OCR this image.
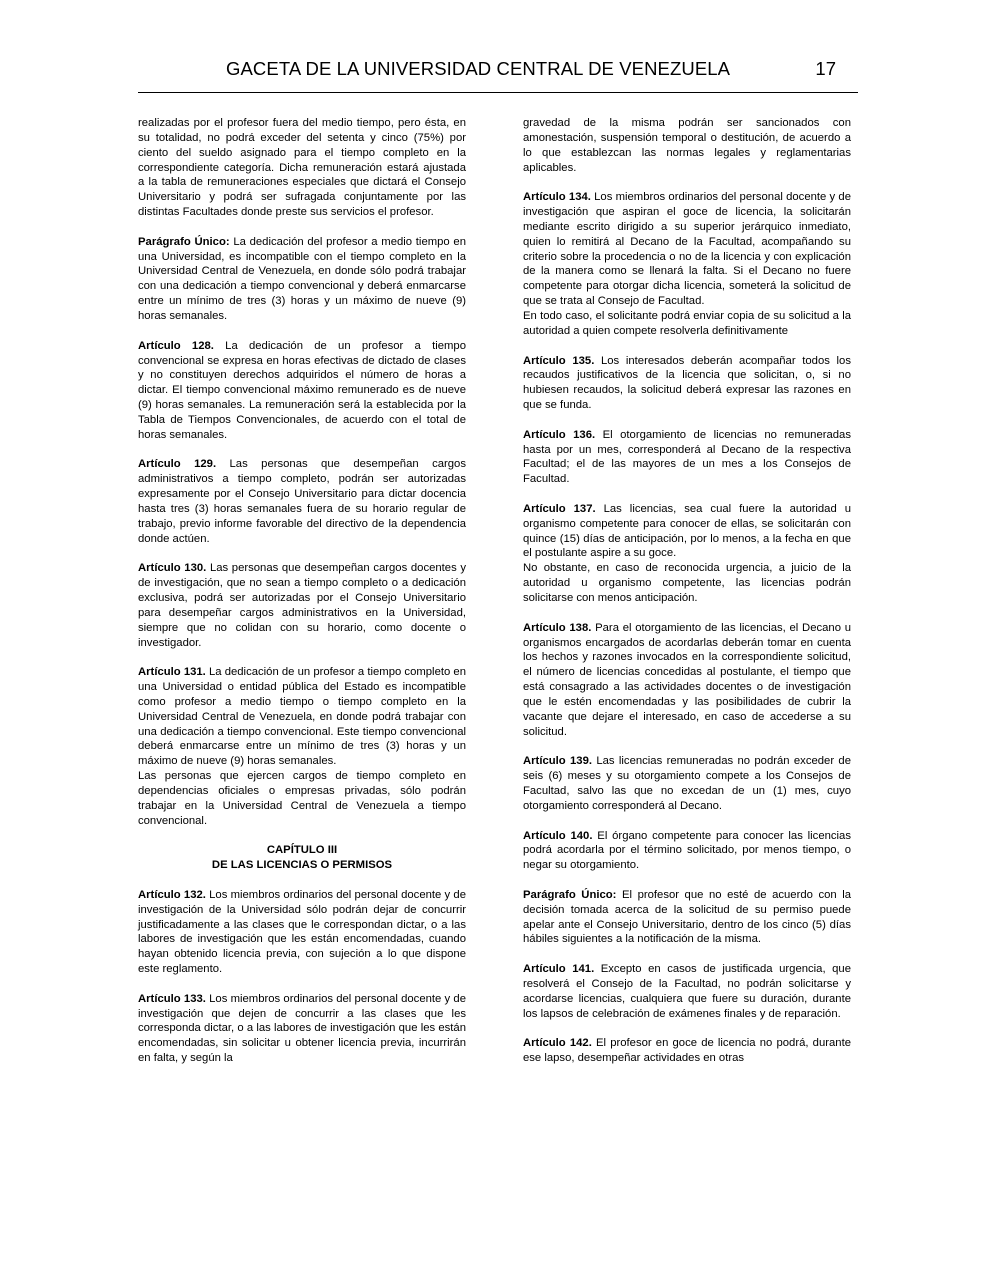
GACETA DE LA UNIVERSIDAD CENTRAL DE VENEZUELA	17

realizadas por el profesor fuera del medio tiempo, pero ésta, en su totalidad, no podrá exceder del setenta y cinco (75%) por ciento del sueldo asignado para el tiempo completo en la correspondiente categoría. Dicha remuneración estará ajustada a la tabla de remuneraciones especiales que dictará el Consejo Universitario y podrá ser sufragada conjuntamente por las distintas Facultades donde preste sus servicios el profesor.

Parágrafo Único: La dedicación del profesor a medio tiempo en una Universidad, es incompatible con el tiempo completo en la Universidad Central de Venezuela, en donde sólo podrá trabajar con una dedicación a tiempo convencional y deberá enmarcarse entre un mínimo de tres (3) horas y un máximo de nueve (9) horas semanales.

Artículo 128. La dedicación de un profesor a tiempo convencional se expresa en horas efectivas de dictado de clases y no constituyen derechos adquiridos el número de horas a dictar. El tiempo convencional máximo remunerado es de nueve (9) horas semanales. La remuneración será la establecida por la Tabla de Tiempos Convencionales, de acuerdo con el total de horas semanales.

Artículo 129. Las personas que desempeñan cargos administrativos a tiempo completo, podrán ser autorizadas expresamente por el Consejo Universitario para dictar docencia hasta tres (3) horas semanales fuera de su horario regular de trabajo, previo informe favorable del directivo de la dependencia donde actúen.

Artículo 130. Las personas que desempeñan cargos docentes y de investigación, que no sean a tiempo completo o a dedicación exclusiva, podrá ser autorizadas por el Consejo Universitario para desempeñar cargos administrativos en la Universidad, siempre que no colidan con su horario, como docente o investigador.

Artículo 131. La dedicación de un profesor a tiempo completo en una Universidad o entidad pública del Estado es incompatible como profesor a medio tiempo o tiempo completo en la Universidad Central de Venezuela, en donde podrá trabajar con una dedicación a tiempo convencional. Este tiempo convencional deberá enmarcarse entre un mínimo de tres (3) horas y un máximo de nueve (9) horas semanales.

Las personas que ejercen cargos de tiempo completo en dependencias oficiales o empresas privadas, sólo podrán trabajar en la Universidad Central de Venezuela a tiempo convencional.

CAPÍTULO III
DE LAS LICENCIAS O PERMISOS

Artículo 132. Los miembros ordinarios del personal docente y de investigación de la Universidad sólo podrán dejar de concurrir justificadamente a las clases que le correspondan dictar, o a las labores de investigación que les están encomendadas, cuando hayan obtenido licencia previa, con sujeción a lo que dispone este reglamento.

Artículo 133. Los miembros ordinarios del personal docente y de investigación que dejen de concurrir a las clases que les corresponda dictar, o a las labores de investigación que les están encomendadas, sin solicitar u obtener licencia previa, incurrirán en falta, y según la

gravedad de la misma podrán ser sancionados con amonestación, suspensión temporal o destitución, de acuerdo a lo que establezcan las normas legales y reglamentarias aplicables.

Artículo 134. Los miembros ordinarios del personal docente y de investigación que aspiran el goce de licencia, la solicitarán mediante escrito dirigido a su superior jerárquico inmediato, quien lo remitirá al Decano de la Facultad, acompañando su criterio sobre la procedencia o no de la licencia y con explicación de la manera como se llenará la falta. Si el Decano no fuere competente para otorgar dicha licencia, someterá la solicitud de que se trata al Consejo de Facultad.

En todo caso, el solicitante podrá enviar copia de su solicitud a la autoridad a quien compete resolverla definitivamente

Artículo 135. Los interesados deberán acompañar todos los recaudos justificativos de la licencia que solicitan, o, si no hubiesen recaudos, la solicitud deberá expresar las razones en que se funda.

Artículo 136. El otorgamiento de licencias no remuneradas hasta por un mes, corresponderá al Decano de la respectiva Facultad; el de las mayores de un mes a los Consejos de Facultad.

Artículo 137. Las licencias, sea cual fuere la autoridad u organismo competente para conocer de ellas, se solicitarán con quince (15) días de anticipación, por lo menos, a la fecha en que el postulante aspire a su goce.

No obstante, en caso de reconocida urgencia, a juicio de la autoridad u organismo competente, las licencias podrán solicitarse con menos anticipación.

Artículo 138. Para el otorgamiento de las licencias, el Decano u organismos encargados de acordarlas deberán tomar en cuenta los hechos y razones invocados en la correspondiente solicitud, el número de licencias concedidas al postulante, el tiempo que está consagrado a las actividades docentes o de investigación que le estén encomendadas y las posibilidades de cubrir la vacante que dejare el interesado, en caso de accederse a su solicitud.

Artículo 139. Las licencias remuneradas no podrán exceder de seis (6) meses y su otorgamiento compete a los Consejos de Facultad, salvo las que no excedan de un (1) mes, cuyo otorgamiento corresponderá al Decano.

Artículo 140. El órgano competente para conocer las licencias podrá acordarla por el término solicitado, por menos tiempo, o negar su otorgamiento.

Parágrafo Único: El profesor que no esté de acuerdo con la decisión tomada acerca de la solicitud de su permiso puede apelar ante el Consejo Universitario, dentro de los cinco (5) días hábiles siguientes a la notificación de la misma.

Artículo 141. Excepto en casos de justificada urgencia, que resolverá el Consejo de la Facultad, no podrán solicitarse y acordarse licencias, cualquiera que fuere su duración, durante los lapsos de celebración de exámenes finales y de reparación.

Artículo 142. El profesor en goce de licencia no podrá, durante ese lapso, desempeñar actividades en otras
